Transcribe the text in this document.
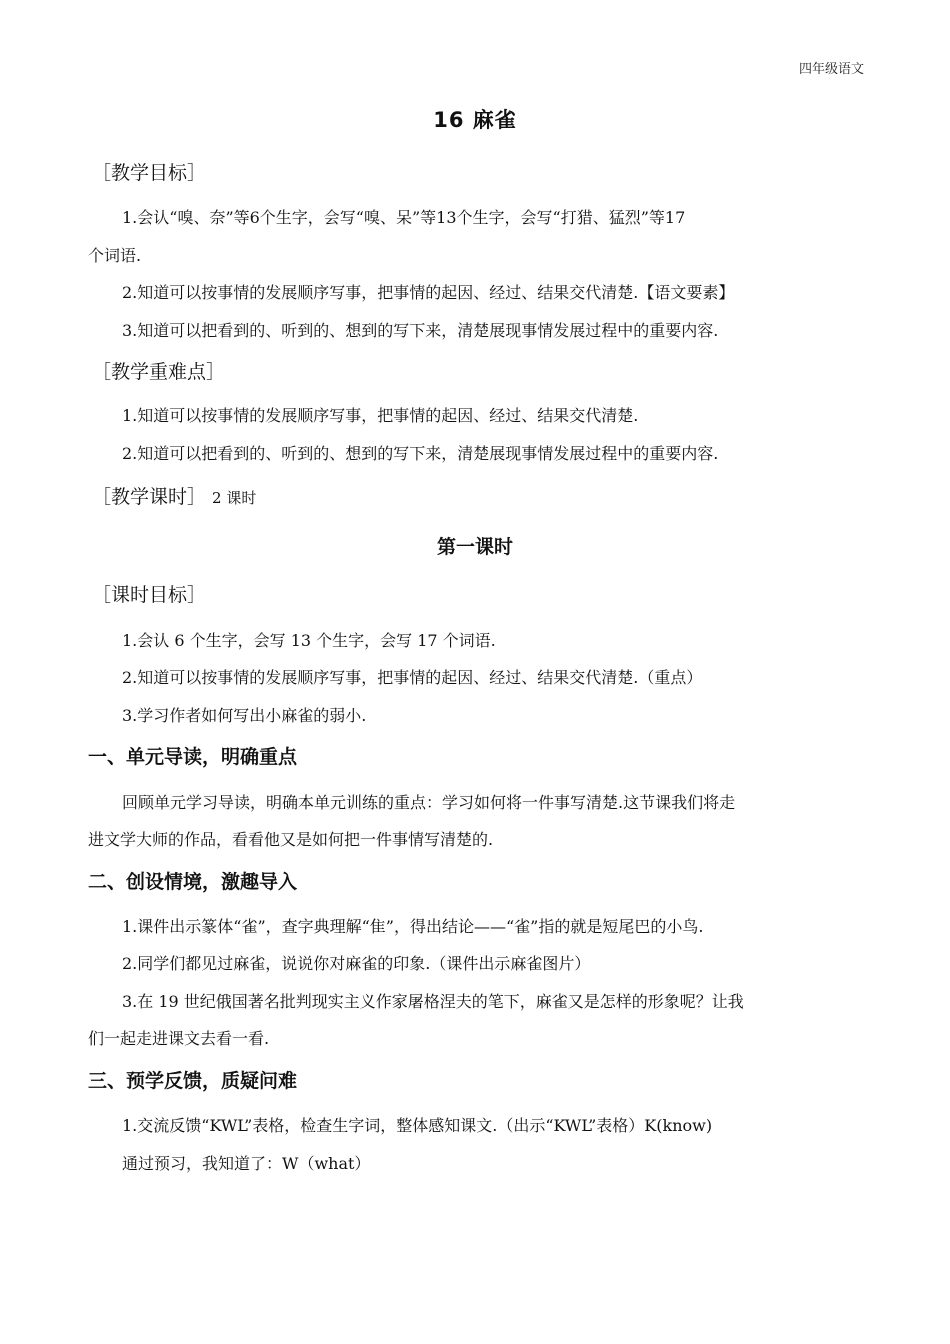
四年级语文
16 麻雀
［教学目标］
1.会认“嗅、奈”等6个生字，会写“嗅、呆”等13个生字，会写“打猎、猛烈”等17
个词语.
2.知道可以按事情的发展顺序写事，把事情的起因、经过、结果交代清楚.【语文要素】
3.知道可以把看到的、听到的、想到的写下来，清楚展现事情发展过程中的重要内容.
［教学重难点］
1.知道可以按事情的发展顺序写事，把事情的起因、经过、结果交代清楚.
2.知道可以把看到的、听到的、想到的写下来，清楚展现事情发展过程中的重要内容.
［教学课时］ 2 课时
第一课时
［课时目标］
1.会认 6 个生字，会写 13 个生字，会写 17 个词语.
2.知道可以按事情的发展顺序写事，把事情的起因、经过、结果交代清楚.（重点）
3.学习作者如何写出小麻雀的弱小.
一、单元导读，明确重点
回顾单元学习导读，明确本单元训练的重点：学习如何将一件事写清楚.这节课我们将走
进文学大师的作品，看看他又是如何把一件事情写清楚的.
二、创设情境，激趣导入
1.课件出示篆体“雀”，查字典理解“隹”，得出结论——“雀”指的就是短尾巴的小鸟.
2.同学们都见过麻雀，说说你对麻雀的印象.（课件出示麻雀图片）
3.在 19 世纪俄国著名批判现实主义作家屠格涅夫的笔下，麻雀又是怎样的形象呢？让我
们一起走进课文去看一看.
三、预学反馈，质疑问难
1.交流反馈“KWL”表格，检查生字词，整体感知课文.（出示“KWL”表格）K(know)
通过预习，我知道了：W（what）
